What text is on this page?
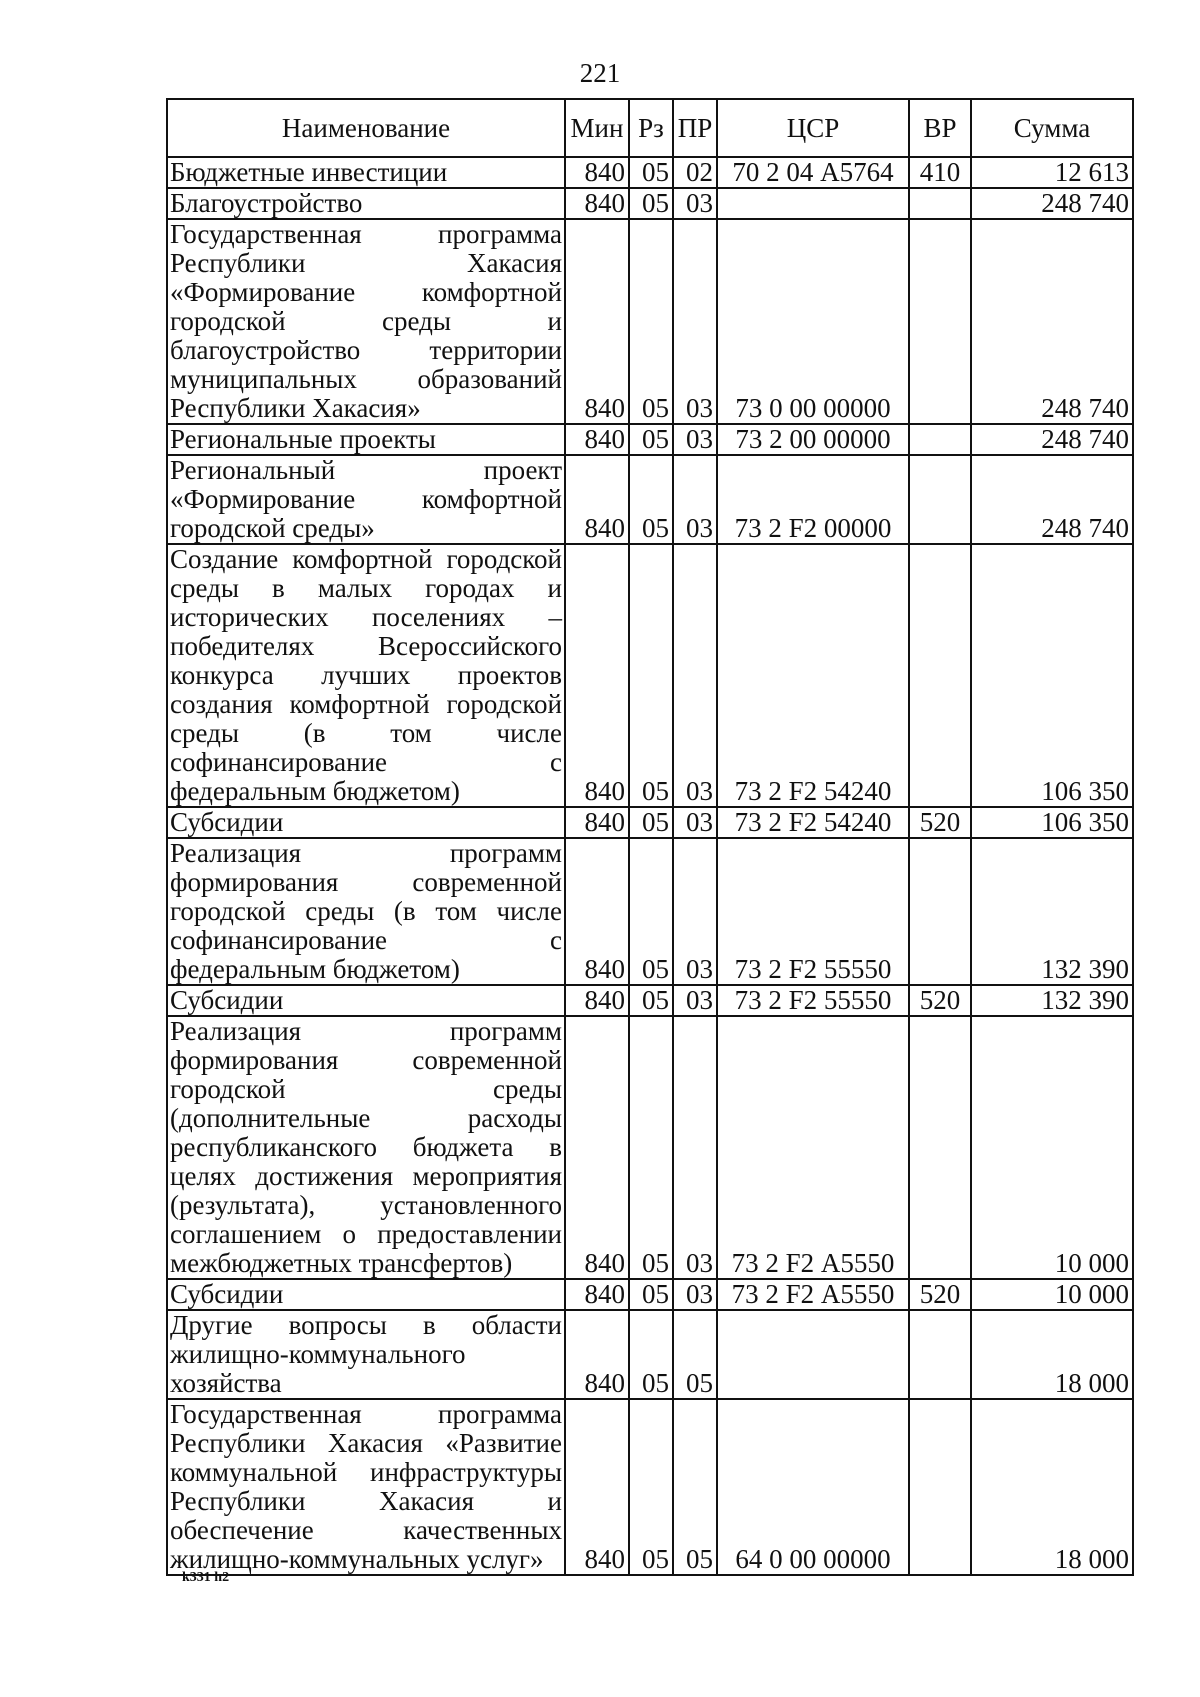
221
Наименование	Мин	Рз	ПР	ЦСР	ВР	Сумма
Бюджетные инвестиции	840	05	02	70 2 04 А5764	410	12 613
Благоустройство	840	05	03			248 740
Государственная программа Республики Хакасия «Формирование комфортной городской среды и благоустройство территории муниципальных образований Республики Хакасия»	840	05	03	73 0 00 00000		248 740
Региональные проекты	840	05	03	73 2 00 00000		248 740
Региональный проект «Формирование комфортной городской среды»	840	05	03	73 2 F2 00000		248 740
Создание комфортной городской среды в малых городах и исторических поселениях – победителях Всероссийского конкурса лучших проектов создания комфортной городской среды (в том числе софинансирование с федеральным бюджетом)	840	05	03	73 2 F2 54240		106 350
Субсидии	840	05	03	73 2 F2 54240	520	106 350
Реализация программ формирования современной городской среды (в том числе софинансирование с федеральным бюджетом)	840	05	03	73 2 F2 55550		132 390
Субсидии	840	05	03	73 2 F2 55550	520	132 390
Реализация программ формирования современной городской среды (дополнительные расходы республиканского бюджета в целях достижения мероприятия (результата), установленного соглашением о предоставлении межбюджетных трансфертов)	840	05	03	73 2 F2 А5550		10 000
Субсидии	840	05	03	73 2 F2 А5550	520	10 000
Другие вопросы в области жилищно-коммунального хозяйства	840	05	05			18 000
Государственная программа Республики Хакасия «Развитие коммунальной инфраструктуры Республики Хакасия и обеспечение качественных жилищно-коммунальных услуг»	840	05	05	64 0 00 00000		18 000
k331 h2
